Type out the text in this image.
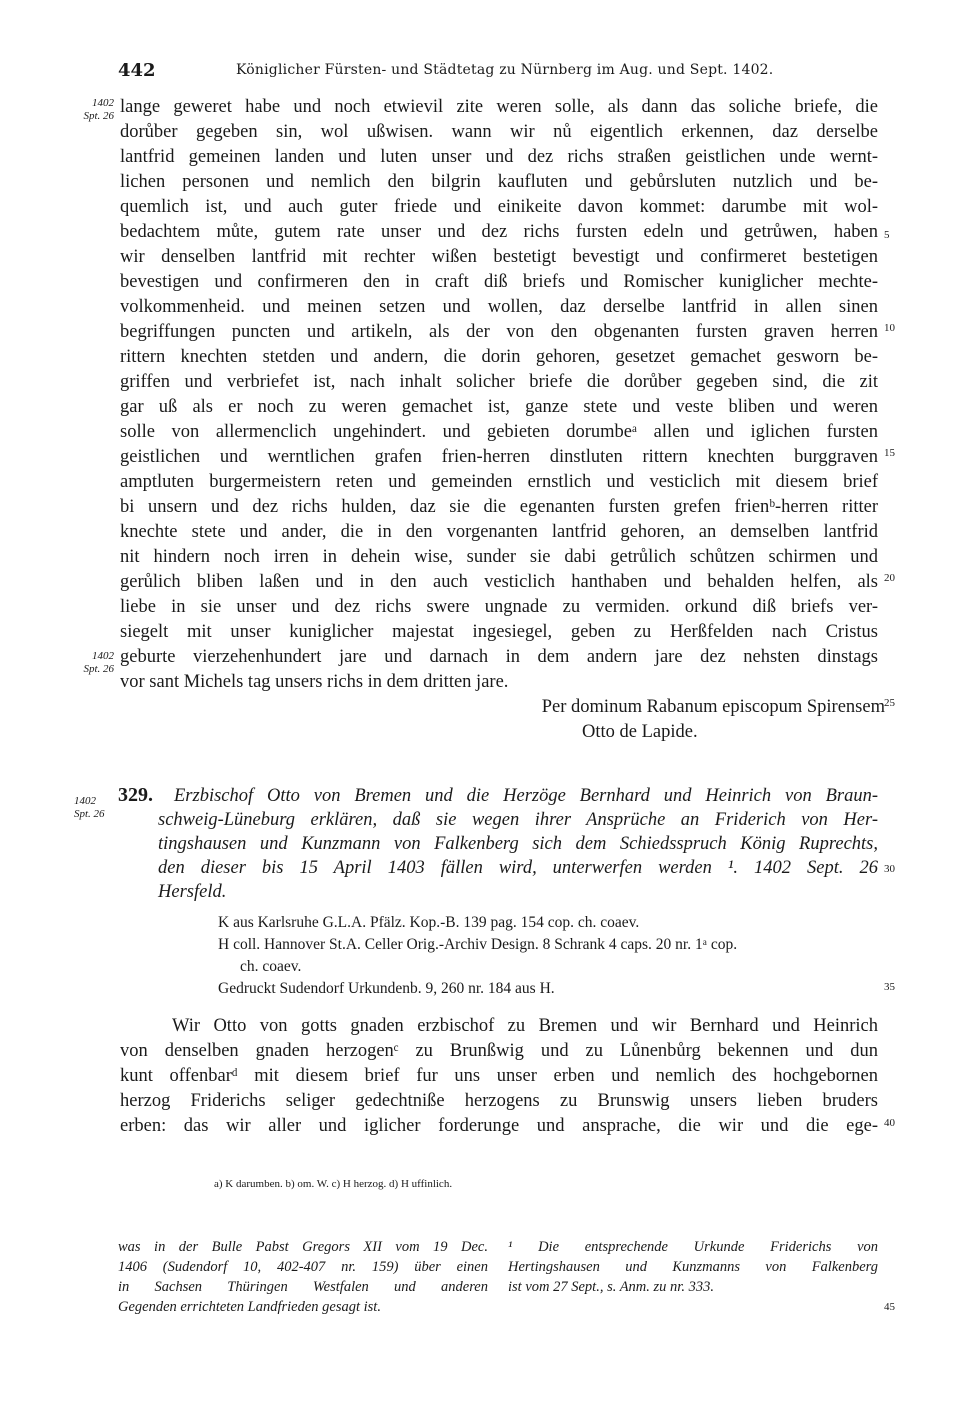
442	Königlicher Fürsten- und Städtetag zu Nürnberg im Aug. und Sept. 1402.
1402
Spt. 26
1402
Spt. 26
1402
Spt. 26
lange geweret habe und noch etwievil zite weren solle, als dann das soliche briefe, die
dorůber gegeben sin, wol ußwisen. wann wir nů eigentlich erkennen, daz derselbe
lantfrid gemeinen landen und luten unser und dez richs straßen geistlichen unde wernt-
lichen personen und nemlich den bilgrin kaufluten und gebůrsluten nutzlich und be-
quemlich ist, und auch guter friede und einikeite davon kommet: darumbe mit wol-
bedachtem můte, gutem rate unser und dez richs fursten edeln und getrůwen, haben
wir denselben lantfrid mit rechter wißen bestetigt bevestigt und confirmeret bestetigen
bevestigen und confirmeren den in craft diß briefs und Romischer kuniglicher mechte-
volkommenheid. und meinen setzen und wollen, daz derselbe lantfrid in allen sinen
begriffungen puncten und artikeln, als der von den obgenanten fursten graven herren
rittern knechten stetden und andern, die dorin gehoren, gesetzet gemachet gesworn be-
griffen und verbriefet ist, nach inhalt solicher briefe die dorůber gegeben sind, die zit
gar uß als er noch zu weren gemachet ist, ganze stete und veste bliben und weren
solle von allermenclich ungehindert. und gebieten dorumbeᵃ allen und iglichen fursten
geistlichen und werntlichen grafen frien-herren dinstluten rittern knechten burggraven
amptluten burgermeistern reten und gemeinden ernstlich und vesticlich mit diesem brief
bi unsern und dez richs hulden, daz sie die egenanten fursten grefen frienᵇ-herren ritter
knechte stete und ander, die in den vorgenanten lantfrid gehoren, an demselben lantfrid
nit hindern noch irren in dehein wise, sunder sie dabi getrůlich schůtzen schirmen und
gerůlich bliben laßen und in den auch vesticlich hanthaben und behalden helfen, als
liebe in sie unser und dez richs swere ungnade zu vermiden. orkund diß briefs ver-
siegelt mit unser kuniglicher majestat ingesiegel, geben zu Herßfelden nach Cristus
geburte vierzehenhundert jare und darnach in dem andern jare dez nehsten dinstags
vor sant Michels tag unsers richs in dem dritten jare.
Per dominum Rabanum episcopum Spirensem
Otto de Lapide.
5
10
15
20
25
30
35
40
45
329. Erzbischof Otto von Bremen und die Herzöge Bernhard und Heinrich von Braun-
schweig-Lüneburg erklären, daß sie wegen ihrer Ansprüche an Friderich von Her-
tingshausen und Kunzmann von Falkenberg sich dem Schiedsspruch König Ruprechts,
den dieser bis 15 April 1403 fällen wird, unterwerfen werden ¹. 1402 Sept. 26
Hersfeld.
K aus Karlsruhe G.L.A. Pfälz. Kop.-B. 139 pag. 154 cop. ch. coaev.
H coll. Hannover St.A. Celler Orig.-Archiv Design. 8 Schrank 4 caps. 20 nr. 1ᵃ cop.
ch. coaev.
Gedruckt Sudendorf Urkundenb. 9, 260 nr. 184 aus H.
Wir Otto von gotts gnaden erzbischof zu Bremen und wir Bernhard und Heinrich
von denselben gnaden herzogenᶜ zu Brunßwig und zu Lůnenbůrg bekennen und dun
kunt offenbarᵈ mit diesem brief fur uns unser erben und nemlich des hochgebornen
herzog Friderichs seliger gedechtniße herzogens zu Brunswig unsers lieben bruders
erben: das wir aller und iglicher forderunge und ansprache, die wir und die ege-
a) K darumben. b) om. W. c) H herzog. d) H uffinlich.
was in der Bulle Pabst Gregors XII vom 19 Dec.
1406 (Sudendorf 10, 402-407 nr. 159) über einen
in Sachsen Thüringen Westfalen und anderen
Gegenden errichteten Landfrieden gesagt ist.
¹ Die entsprechende Urkunde Friderichs von
Hertingshausen und Kunzmanns von Falkenberg
ist vom 27 Sept., s. Anm. zu nr. 333.
